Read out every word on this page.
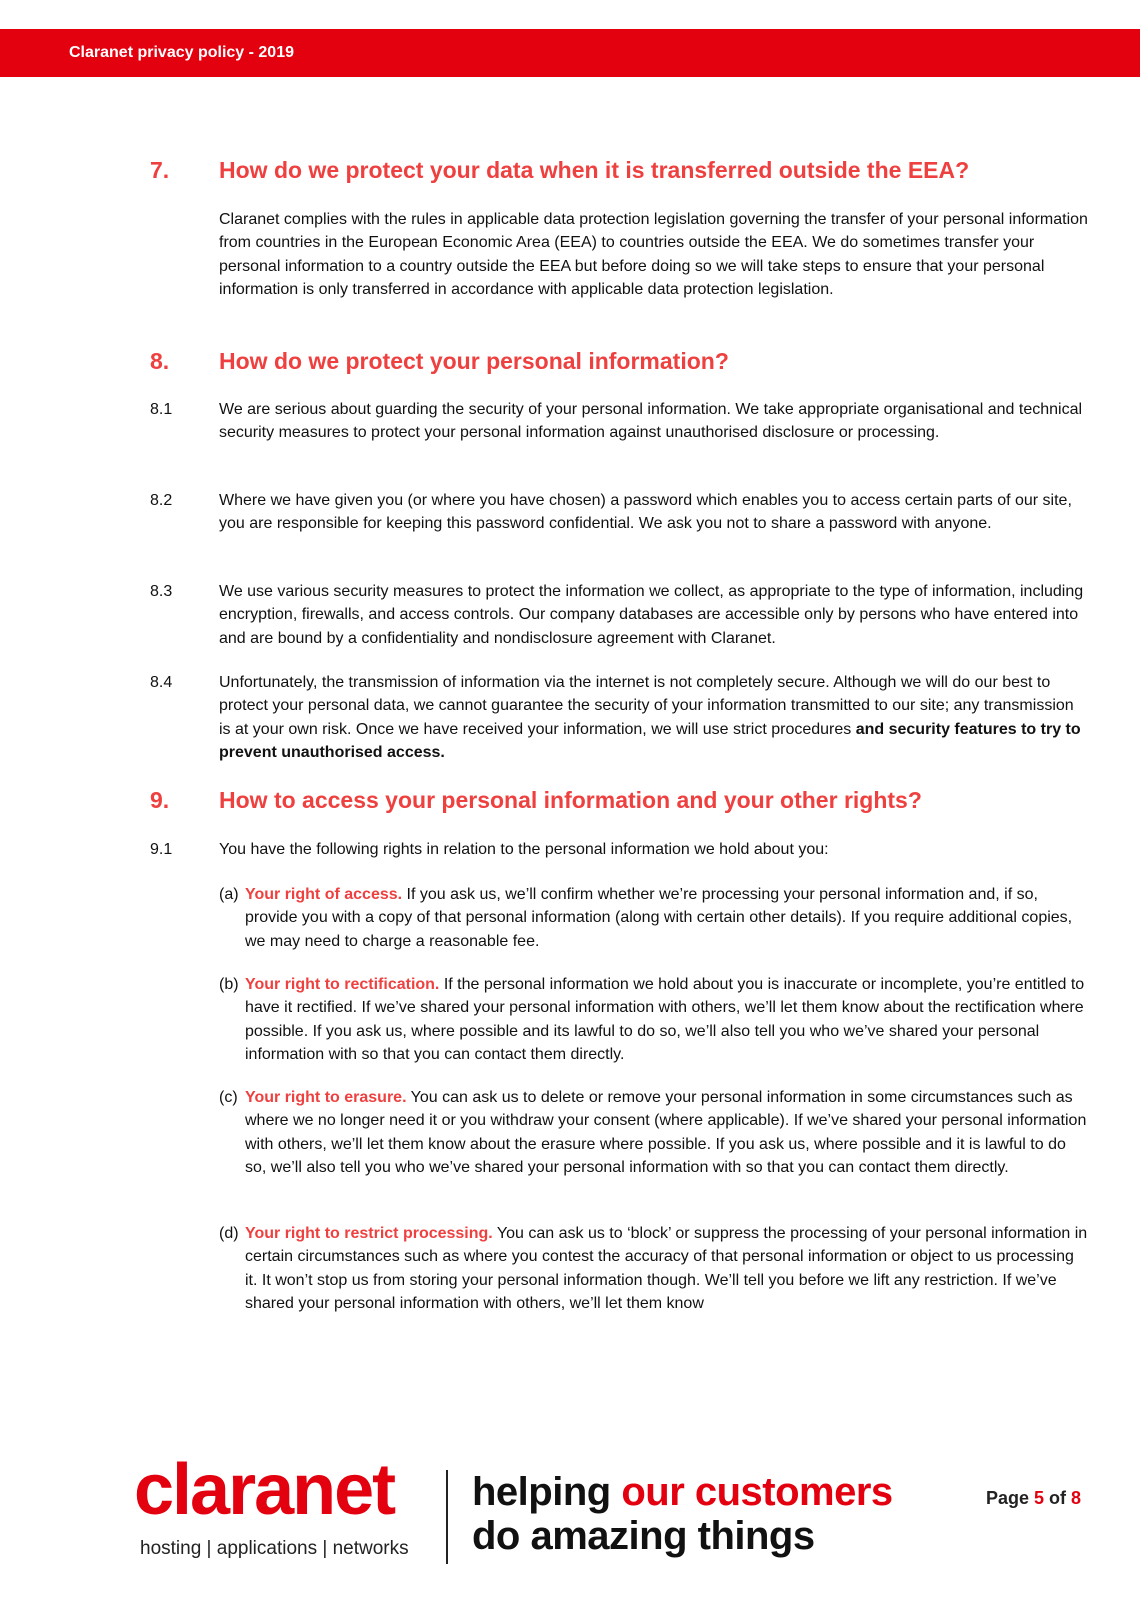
Claranet privacy policy - 2019
7. How do we protect your data when it is transferred outside the EEA?
Claranet complies with the rules in applicable data protection legislation governing the transfer of your personal information from countries in the European Economic Area (EEA) to countries outside the EEA. We do sometimes transfer your personal information to a country outside the EEA but before doing so we will take steps to ensure that your personal information is only transferred in accordance with applicable data protection legislation.
8. How do we protect your personal information?
8.1	We are serious about guarding the security of your personal information. We take appropriate organisational and technical security measures to protect your personal information against unauthorised disclosure or processing.
8.2	Where we have given you (or where you have chosen) a password which enables you to access certain parts of our site, you are responsible for keeping this password confidential. We ask you not to share a password with anyone.
8.3	We use various security measures to protect the information we collect, as appropriate to the type of information, including encryption, firewalls, and access controls. Our company databases are accessible only by persons who have entered into and are bound by a confidentiality and nondisclosure agreement with Claranet.
8.4	Unfortunately, the transmission of information via the internet is not completely secure. Although we will do our best to protect your personal data, we cannot guarantee the security of your information transmitted to our site; any transmission is at your own risk. Once we have received your information, we will use strict procedures and security features to try to prevent unauthorised access.
9. How to access your personal information and your other rights?
9.1	You have the following rights in relation to the personal information we hold about you:
(a) Your right of access. If you ask us, we’ll confirm whether we’re processing your personal information and, if so, provide you with a copy of that personal information (along with certain other details). If you require additional copies, we may need to charge a reasonable fee.
(b) Your right to rectification. If the personal information we hold about you is inaccurate or incomplete, you’re entitled to have it rectified. If we’ve shared your personal information with others, we’ll let them know about the rectification where possible. If you ask us, where possible and its lawful to do so, we’ll also tell you who we’ve shared your personal information with so that you can contact them directly.
(c) Your right to erasure. You can ask us to delete or remove your personal information in some circumstances such as where we no longer need it or you withdraw your consent (where applicable). If we’ve shared your personal information with others, we’ll let them know about the erasure where possible. If you ask us, where possible and it is lawful to do so, we’ll also tell you who we’ve shared your personal information with so that you can contact them directly.
(d) Your right to restrict processing. You can ask us to ‘block’ or suppress the processing of your personal information in certain circumstances such as where you contest the accuracy of that personal information or object to us processing it. It won’t stop us from storing your personal information though. We’ll tell you before we lift any restriction. If we’ve shared your personal information with others, we’ll let them know
claranet
hosting | applications | networks
helping our customers
do amazing things
Page 5 of 8
